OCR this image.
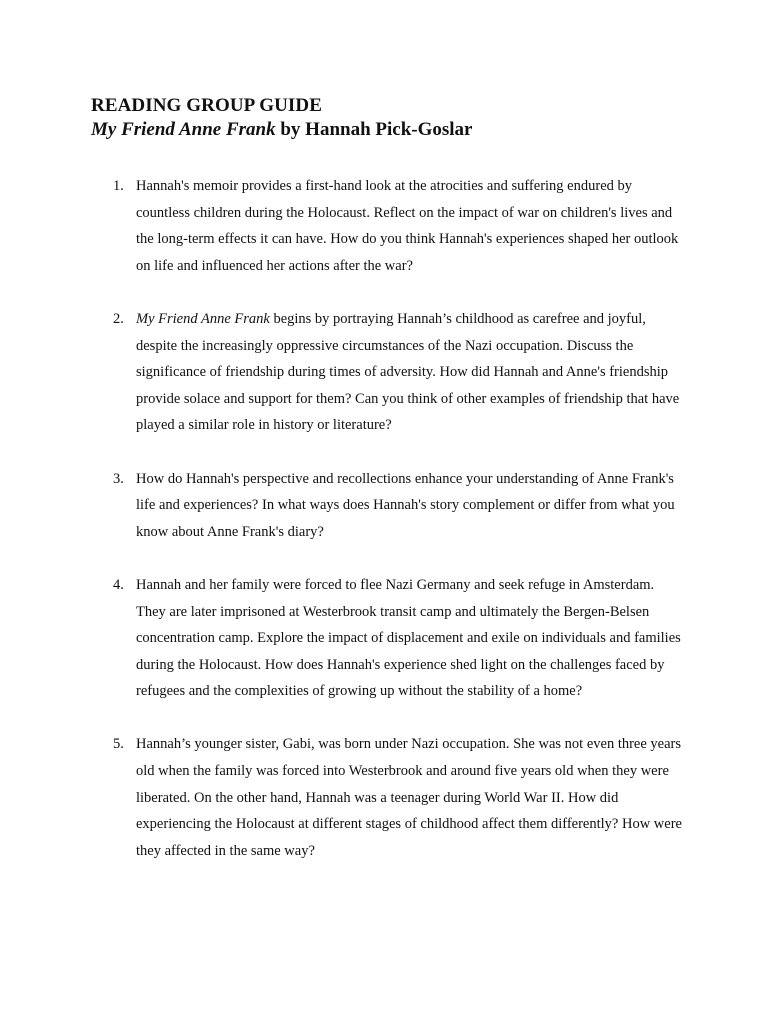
READING GROUP GUIDE
My Friend Anne Frank by Hannah Pick-Goslar
1. Hannah's memoir provides a first-hand look at the atrocities and suffering endured by countless children during the Holocaust. Reflect on the impact of war on children's lives and the long-term effects it can have. How do you think Hannah's experiences shaped her outlook on life and influenced her actions after the war?
2. My Friend Anne Frank begins by portraying Hannah’s childhood as carefree and joyful, despite the increasingly oppressive circumstances of the Nazi occupation. Discuss the significance of friendship during times of adversity. How did Hannah and Anne's friendship provide solace and support for them? Can you think of other examples of friendship that have played a similar role in history or literature?
3. How do Hannah's perspective and recollections enhance your understanding of Anne Frank's life and experiences? In what ways does Hannah's story complement or differ from what you know about Anne Frank's diary?
4. Hannah and her family were forced to flee Nazi Germany and seek refuge in Amsterdam. They are later imprisoned at Westerbrook transit camp and ultimately the Bergen-Belsen concentration camp. Explore the impact of displacement and exile on individuals and families during the Holocaust. How does Hannah's experience shed light on the challenges faced by refugees and the complexities of growing up without the stability of a home?
5. Hannah’s younger sister, Gabi, was born under Nazi occupation. She was not even three years old when the family was forced into Westerbrook and around five years old when they were liberated. On the other hand, Hannah was a teenager during World War II. How did experiencing the Holocaust at different stages of childhood affect them differently? How were they affected in the same way?
